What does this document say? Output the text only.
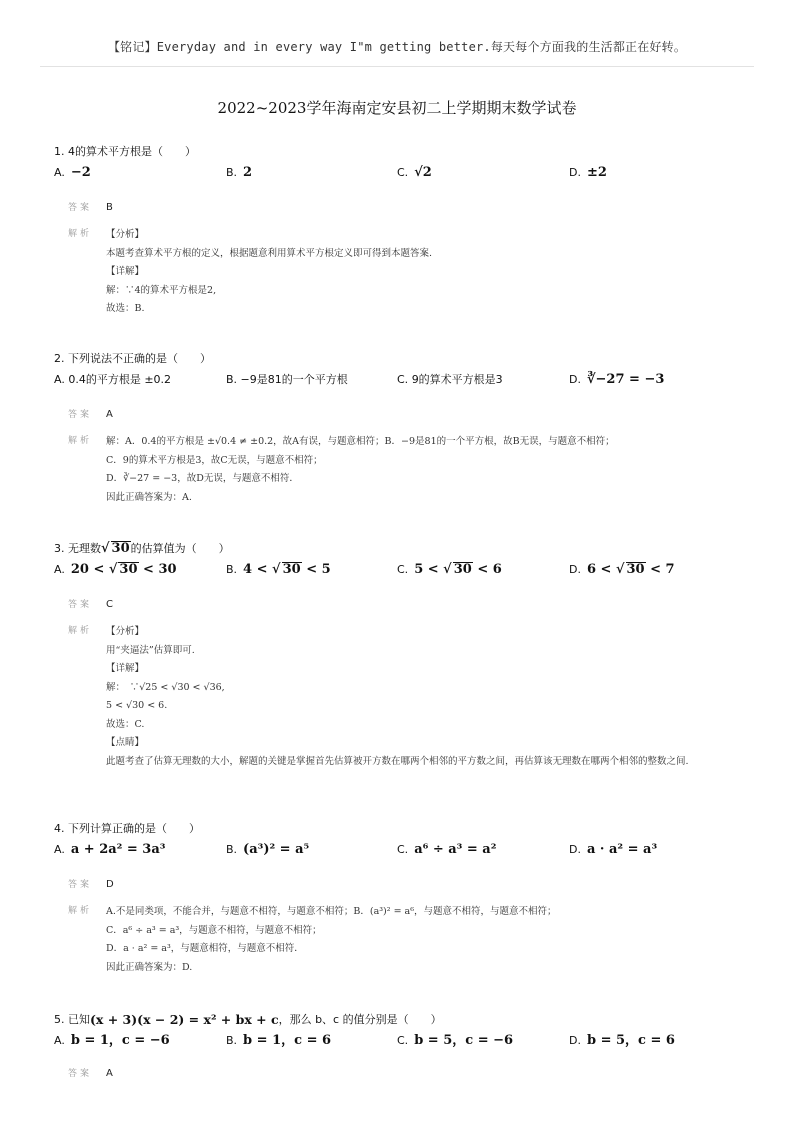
【铭记】Everyday and in every way I"m getting better.每天每个方面我的生活都正在好转。
2022~2023学年海南定安县初二上学期期末数学试卷
1.
4的算术平方根是（　　）
A. −2	B. 2	C. √2	D. ±2
答案 B
解析 【分析】
本题考查算术平方根的定义，根据题意利用算术平方根定义即可得到本题答案.
【详解】
解：∵4的算术平方根是2,
故选：B.
2.
下列说法不正确的是（　　）
A.
0.4的平方根是 ±0.2	B.
−9是81的一个平方根	C.
9的算术平方根是3	D. ∛−27 = −3
答案 A
解析 解：A．0.4的平方根是 ±√0.4 ≠ ±0.2，故A有误，与题意相符；B．−9是81的一个平方根，故B无误，与题意不相符；
C．9的算术平方根是3，故C无误，与题意不相符；
D．∛−27 = −3，故D无误，与题意不相符．
因此正确答案为：A.
3.
无理数 √ 30 的估算值为（　　）
A. 20 < √ 30 < 30	B. 4 < √ 30 < 5	C. 5 < √ 30 < 6	D. 6 < √ 30 < 7
答案 C
解析 【分析】
用“夹逼法”估算即可.
【详解】
解：　∵√25 < √30 < √36,
5 < √30 < 6.
故选：C.
【点睛】
此题考查了估算无理数的大小，解题的关键是掌握首先估算被开方数在哪两个相邻的平方数之间，再估算该无理数在哪两个相邻的整数之间.
4.
下列计算正确的是（　　）
A. a + 2a² = 3a³	B. (a³)² = a⁵	C. a⁶ ÷ a³ = a²	D. a · a² = a³
答案 D
解析 A.不是同类项，不能合并，与题意不相符，与题意不相符；B．(a³)² = a⁶，与题意不相符，与题意不相符；
C．a⁶ ÷ a³ = a³，与题意不相符，与题意不相符；
D．a · a² = a³，与题意相符，与题意不相符．
因此正确答案为：D.
5.
已知 (x + 3)(x − 2) = x² + bx + c ，那么 b、c 的值分别是（　　）
A. b = 1，c = −6	B. b = 1，c = 6	C. b = 5，c = −6	D. b = 5，c = 6
答案 A
